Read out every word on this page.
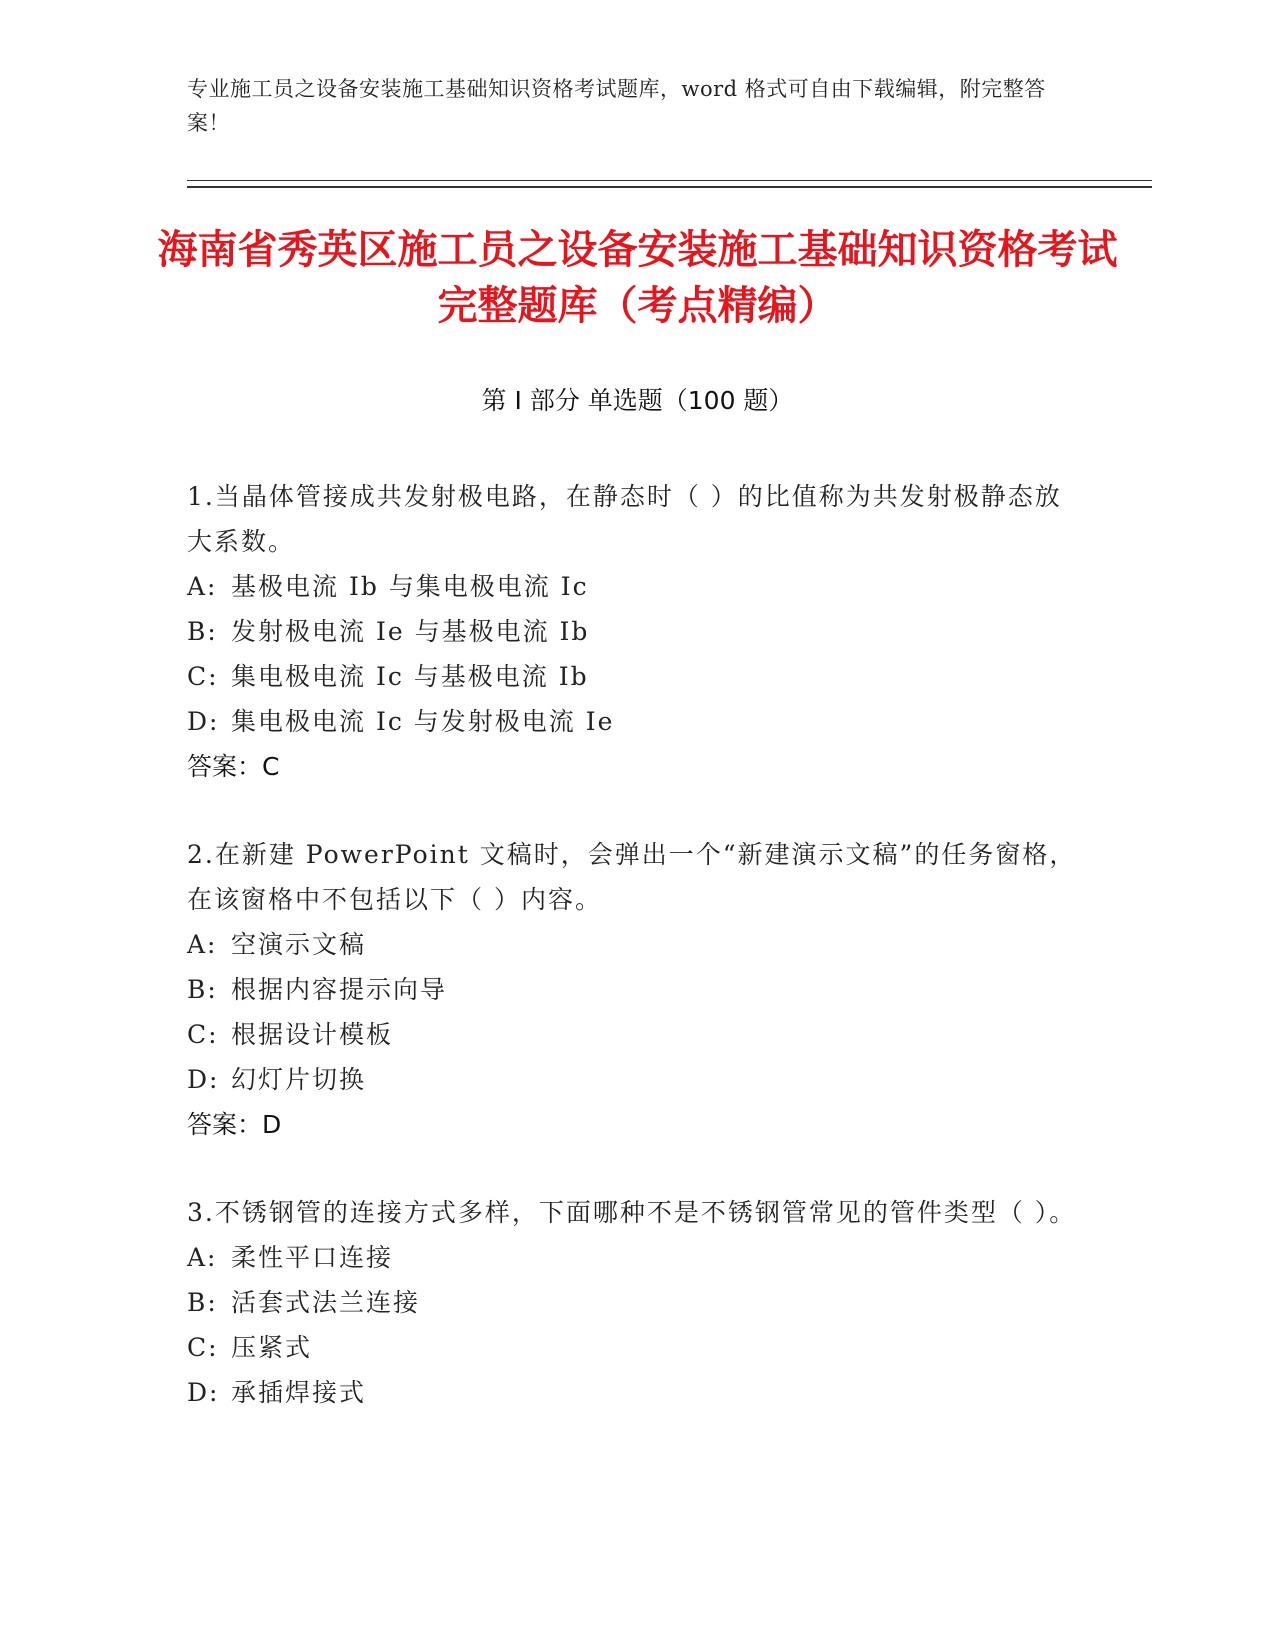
专业施工员之设备安装施工基础知识资格考试题库，word 格式可自由下载编辑，附完整答案！
海南省秀英区施工员之设备安装施工基础知识资格考试完整题库（考点精编）
第 I 部分 单选题（100 题）
1.当晶体管接成共发射极电路，在静态时（ ）的比值称为共发射极静态放大系数。
A: 基极电流 Ib 与集电极电流 Ic
B: 发射极电流 Ie 与基极电流 Ib
C: 集电极电流 Ic 与基极电流 Ib
D: 集电极电流 Ic 与发射极电流 Ie
答案：C
2.在新建 PowerPoint 文稿时，会弹出一个“新建演示文稿”的任务窗格，在该窗格中不包括以下（ ）内容。
A: 空演示文稿
B: 根据内容提示向导
C: 根据设计模板
D: 幻灯片切换
答案：D
3.不锈钢管的连接方式多样，下面哪种不是不锈钢管常见的管件类型（ ）。
A: 柔性平口连接
B: 活套式法兰连接
C: 压紧式
D: 承插焊接式
